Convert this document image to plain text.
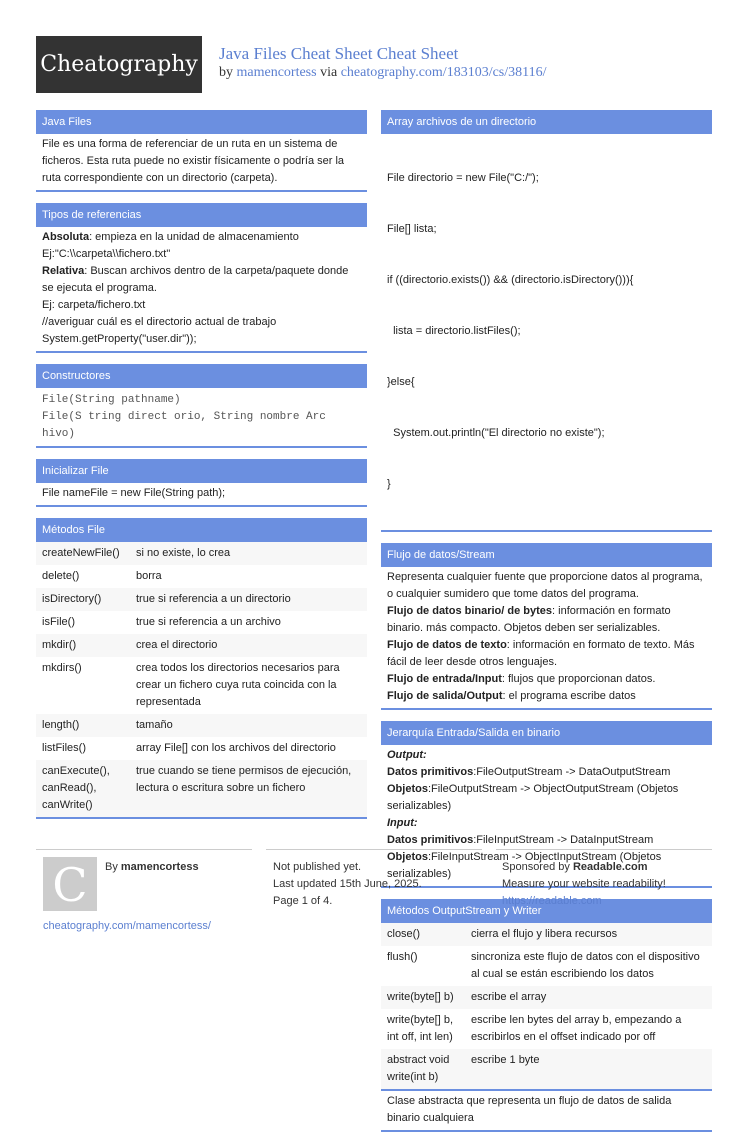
Cheatography Java Files Cheat Sheet Cheat Sheet
by mamencortess via cheatography.com/183103/cs/38116/
Java Files

File es una forma de referenciar de un ruta en un sistema de ficheros. Esta ruta puede no existir físicamente o podría ser la ruta correspondiente con un directorio (carpeta).

Tipos de referencias

Absoluta: empieza en la unidad de almacenamiento

Ej:"C:\\carpeta\\fichero.txt"

Relativa: Buscan archivos dentro de la carpeta/paquete donde se ejecuta el programa.

Ej: carpeta/fichero.txt

//averiguar cuál es el directorio actual de trabajo

System.getProperty("user.dir"));

Constructores

File(String pathname)

File(S tring direct orio, String nombre Arc hivo)

Inicializar File

File nameFile = new File(String path);

Métodos File
createNewFile()	si no existe, lo crea
delete()	borra
isDirectory()	true si referencia a un directorio
isFile()	true si referencia a un archivo
mkdir()	crea el directorio
mkdirs()	crea todos los directorios necesarios para crear un fichero cuya ruta coincida con la representada
length()	tamaño
listFiles()	array File[] con los archivos del directorio
canExecute(), canRead(), canWrite()	true cuando se tiene permisos de ejecución, lectura o escritura sobre un fichero
Array archivos de un directorio

File directorio = new File("C:/");

File[] lista;

if ((directorio.exists()) && (directorio.isDirectory())){

lista = directorio.listFiles();

}else{

System.out.println("El directorio no existe");

}

Flujo de datos/Stream

Representa cualquier fuente que proporcione datos al programa, o cualquier sumidero que tome datos del programa.

Flujo de datos binario/ de bytes: información en formato binario. más compacto. Objetos deben ser serializables.

Flujo de datos de texto: información en formato de texto. Más fácil de leer desde otros lenguajes.

Flujo de entrada/Input: flujos que proporcionan datos.

Flujo de salida/Output: el programa escribe datos

Jerarquía Entrada/Salida en binario

Output:

Datos primitivos:FileOutputStream -> DataOutputStream

Objetos:FileOutputStream -> ObjectOutputStream (Objetos serializables)

Input:

Datos primitivos:FileInputStream -> DataInputStream

Objetos:FileInputStream -> ObjectInputStream (Objetos serializables)

Métodos OutputStream y Writer
close()	cierra el flujo y libera recursos
flush()	sincroniza este flujo de datos con el dispositivo al cual se están escribiendo los datos
write(byte[] b)	escribe el array
write(byte[] b, int off, int len)	escribe len bytes del array b, empezando a escribirlos en el offset indicado por off
abstract void write(int b)	escribe 1 byte

Clase abstracta que representa un flujo de datos de salida binario cualquiera

C	By mamencortess
cheatography.com/mamencortess/
Not published yet.
Last updated 15th June, 2025.
Page 1 of 4.
Sponsored by Readable.com
Measure your website readability!
https://readable.com
